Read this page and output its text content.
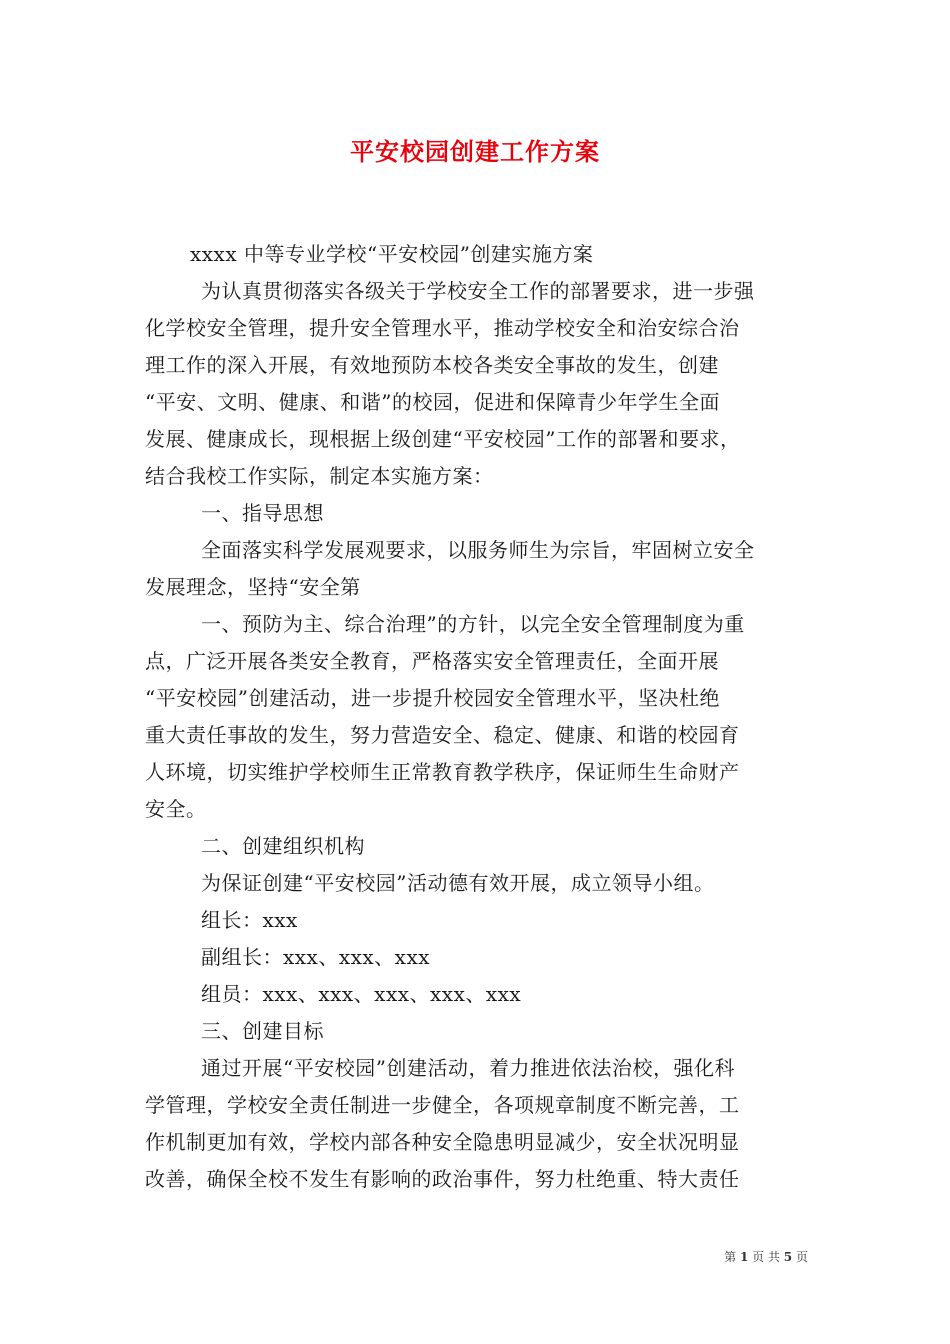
平安校园创建工作方案
xxxx 中等专业学校“平安校园”创建实施方案
为认真贯彻落实各级关于学校安全工作的部署要求，进一步强
化学校安全管理，提升安全管理水平，推动学校安全和治安综合治
理工作的深入开展，有效地预防本校各类安全事故的发生，创建
“平安、文明、健康、和谐”的校园，促进和保障青少年学生全面
发展、健康成长，现根据上级创建“平安校园”工作的部署和要求，
结合我校工作实际，制定本实施方案：
一、指导思想
全面落实科学发展观要求，以服务师生为宗旨，牢固树立安全
发展理念，坚持“安全第
一、预防为主、综合治理”的方针，以完全安全管理制度为重
点，广泛开展各类安全教育，严格落实安全管理责任，全面开展
“平安校园”创建活动，进一步提升校园安全管理水平，坚决杜绝
重大责任事故的发生，努力营造安全、稳定、健康、和谐的校园育
人环境，切实维护学校师生正常教育教学秩序，保证师生生命财产
安全。
二、创建组织机构
为保证创建“平安校园”活动德有效开展，成立领导小组。
组长：xxx
副组长：xxx、xxx、xxx
组员：xxx、xxx、xxx、xxx、xxx
三、创建目标
通过开展“平安校园”创建活动，着力推进依法治校，强化科
学管理，学校安全责任制进一步健全，各项规章制度不断完善，工
作机制更加有效，学校内部各种安全隐患明显减少，安全状况明显
改善，确保全校不发生有影响的政治事件，努力杜绝重、特大责任
第 1 页 共 5 页
